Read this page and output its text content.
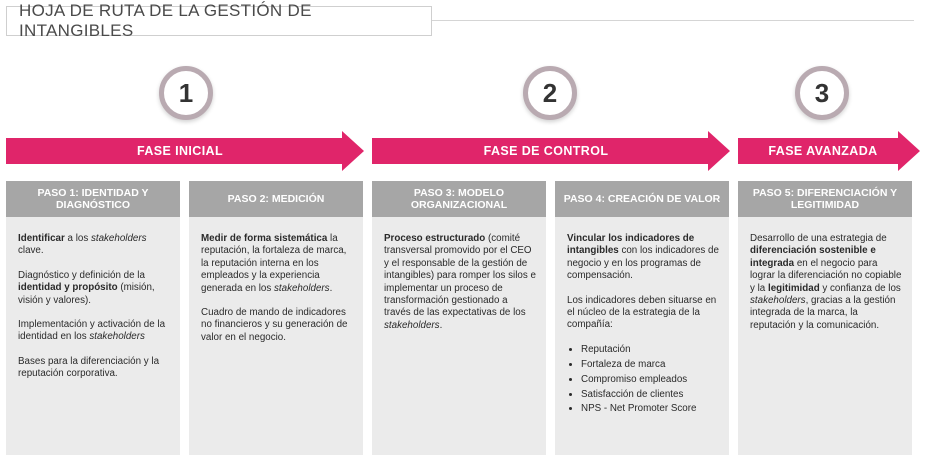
HOJA DE RUTA DE LA GESTIÓN DE INTANGIBLES
1	2	3
FASE INICIAL	FASE DE CONTROL	FASE AVANZADA
PASO 1: IDENTIDAD Y DIAGNÓSTICO

Identificar a los stakeholders clave.

Diagnóstico y definición de la identidad y propósito (misión, visión y valores).

Implementación y activación de la identidad en los stakeholders

Bases para la diferenciación y la reputación corporativa.

PASO 2: MEDICIÓN

Medir de forma sistemática la reputación, la fortaleza de marca, la reputación interna en los empleados y la experiencia generada en los stakeholders.

Cuadro de mando de indicadores no financieros y su generación de valor en el negocio.

PASO 3: MODELO ORGANIZACIONAL

Proceso estructurado (comité transversal promovido por el CEO y el responsable de la gestión de intangibles) para romper los silos e implementar un proceso de transformación gestionado a través de las expectativas de los stakeholders.

PASO 4: CREACIÓN DE VALOR

Vincular los indicadores de intangibles con los indicadores de negocio y en los programas de compensación.

Los indicadores deben situarse en el núcleo de la estrategia de la compañía:

• Reputación
• Fortaleza de marca
• Compromiso empleados
• Satisfacción de clientes
• NPS - Net Promoter Score
PASO 5: DIFERENCIACIÓN Y LEGITIMIDAD

Desarrollo de una estrategia de diferenciación sostenible e integrada en el negocio para lograr la diferenciación no copiable y la legitimidad y confianza de los stakeholders, gracias a la gestión integrada de la marca, la reputación y la comunicación.
